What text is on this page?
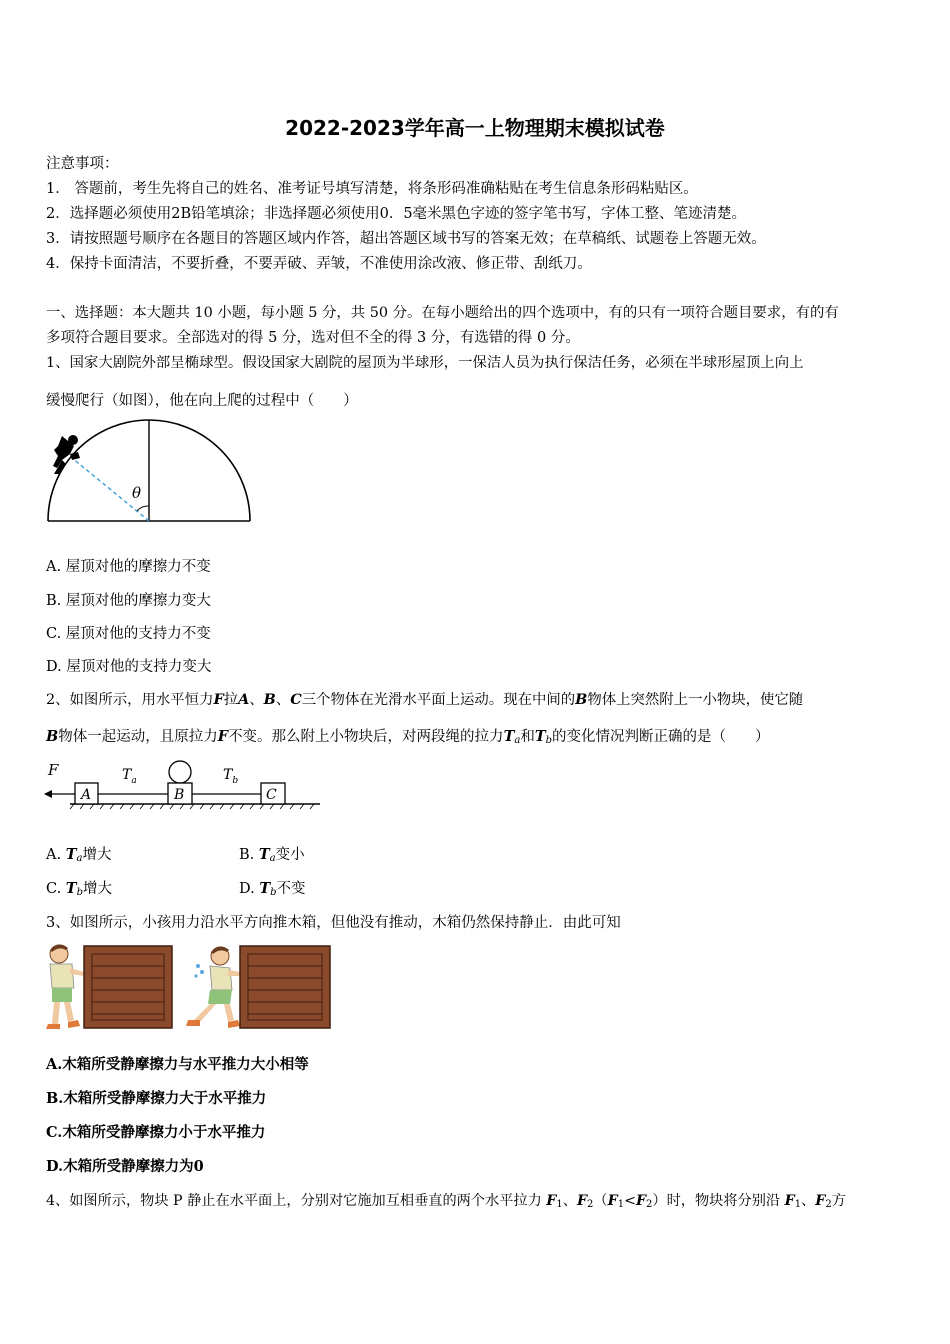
2022-2023学年高一上物理期末模拟试卷
注意事项：
1． 答题前，考生先将自己的姓名、准考证号填写清楚，将条形码准确粘贴在考生信息条形码粘贴区。
2．选择题必须使用2B铅笔填涂；非选择题必须使用0．5毫米黑色字迹的签字笔书写，字体工整、笔迹清楚。
3．请按照题号顺序在各题目的答题区域内作答，超出答题区域书写的答案无效；在草稿纸、试题卷上答题无效。
4．保持卡面清洁，不要折叠，不要弄破、弄皱，不准使用涂改液、修正带、刮纸刀。
一、选择题：本大题共 10 小题，每小题 5 分，共 50 分。在每小题给出的四个选项中，有的只有一项符合题目要求，有的有
多项符合题目要求。全部选对的得 5 分，选对但不全的得 3 分，有选错的得 0 分。
1、国家大剧院外部呈椭球型。假设国家大剧院的屋顶为半球形，一保洁人员为执行保洁任务，必须在半球形屋顶上向上
缓慢爬行（如图），他在向上爬的过程中（　　）
θ
A. 屋顶对他的摩擦力不变
B. 屋顶对他的摩擦力变大
C. 屋顶对他的支持力不变
D. 屋顶对他的支持力变大
2、如图所示，用水平恒力F拉A、B、C三个物体在光滑水平面上运动。现在中间的B物体上突然附上一小物块，使它随
B物体一起运动，且原拉力F不变。那么附上小物块后，对两段绳的拉力$T_a$和$T_b$的变化情况判断正确的是（　　）
F
A
$T_a$
B
$T_b$
C
A. $T_a$增大	B. $T_a$变小
C. $T_b$增大	D. $T_b$不变
3、如图所示，小孩用力沿水平方向推木箱，但他没有推动，木箱仍然保持静止．由此可知
A.木箱所受静摩擦力与水平推力大小相等
B.木箱所受静摩擦力大于水平推力
C.木箱所受静摩擦力小于水平推力
D.木箱所受静摩擦力为0
4、如图所示，物块 P 静止在水平面上，分别对它施加互相垂直的两个水平拉力 $F_1$、$F_2(F_1<F_2)$时，物块将分别沿 $F_1$、$F_2$方
